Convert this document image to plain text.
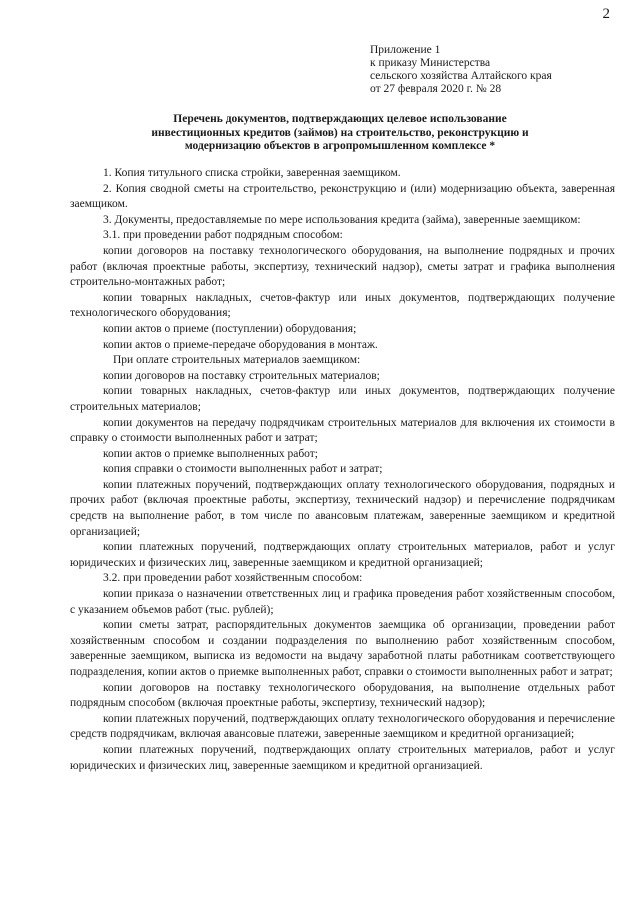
2
Приложение 1
к приказу Министерства
сельского хозяйства Алтайского края
от 27 февраля 2020 г. № 28
Перечень документов, подтверждающих целевое использование
инвестиционных кредитов (займов) на строительство, реконструкцию и
модернизацию объектов в агропромышленном комплексе *

1. Копия титульного списка стройки, заверенная заемщиком.

2. Копия сводной сметы на строительство, реконструкцию и (или) модернизацию объекта, заверенная заемщиком.

3. Документы, предоставляемые по мере использования кредита (займа), заверенные заемщиком:

3.1. при проведении работ подрядным способом:

копии договоров на поставку технологического оборудования, на выполнение подрядных и прочих работ (включая проектные работы, экспертизу, технический надзор), сметы затрат и графика выполнения строительно-монтажных работ;

копии товарных накладных, счетов-фактур или иных документов, подтверждающих получение технологического оборудования;

копии актов о приеме (поступлении) оборудования;

копии актов о приеме-передаче оборудования в монтаж.

При оплате строительных материалов заемщиком:

копии договоров на поставку строительных материалов;

копии товарных накладных, счетов-фактур или иных документов, подтверждающих получение строительных материалов;

копии документов на передачу подрядчикам строительных материалов для включения их стоимости в справку о стоимости выполненных работ и затрат;

копии актов о приемке выполненных работ;

копия справки о стоимости выполненных работ и затрат;

копии платежных поручений, подтверждающих оплату технологического оборудования, подрядных и прочих работ (включая проектные работы, экспертизу, технический надзор) и перечисление подрядчикам средств на выполнение работ, в том числе по авансовым платежам, заверенные заемщиком и кредитной организацией;

копии платежных поручений, подтверждающих оплату строительных материалов, работ и услуг юридических и физических лиц, заверенные заемщиком и кредитной организацией;

3.2. при проведении работ хозяйственным способом:

копии приказа о назначении ответственных лиц и графика проведения работ хозяйственным способом, с указанием объемов работ (тыс. рублей);

копии сметы затрат, распорядительных документов заемщика об организации, проведении работ хозяйственным способом и создании подразделения по выполнению работ хозяйственным способом, заверенные заемщиком, выписка из ведомости на выдачу заработной платы работникам соответствующего подразделения, копии актов о приемке выполненных работ, справки о стоимости выполненных работ и затрат;

копии договоров на поставку технологического оборудования, на выполнение отдельных работ подрядным способом (включая проектные работы, экспертизу, технический надзор);

копии платежных поручений, подтверждающих оплату технологического оборудования и перечисление средств подрядчикам, включая авансовые платежи, заверенные заемщиком и кредитной организацией;

копии платежных поручений, подтверждающих оплату строительных материалов, работ и услуг юридических и физических лиц, заверенные заемщиком и кредитной организацией.
